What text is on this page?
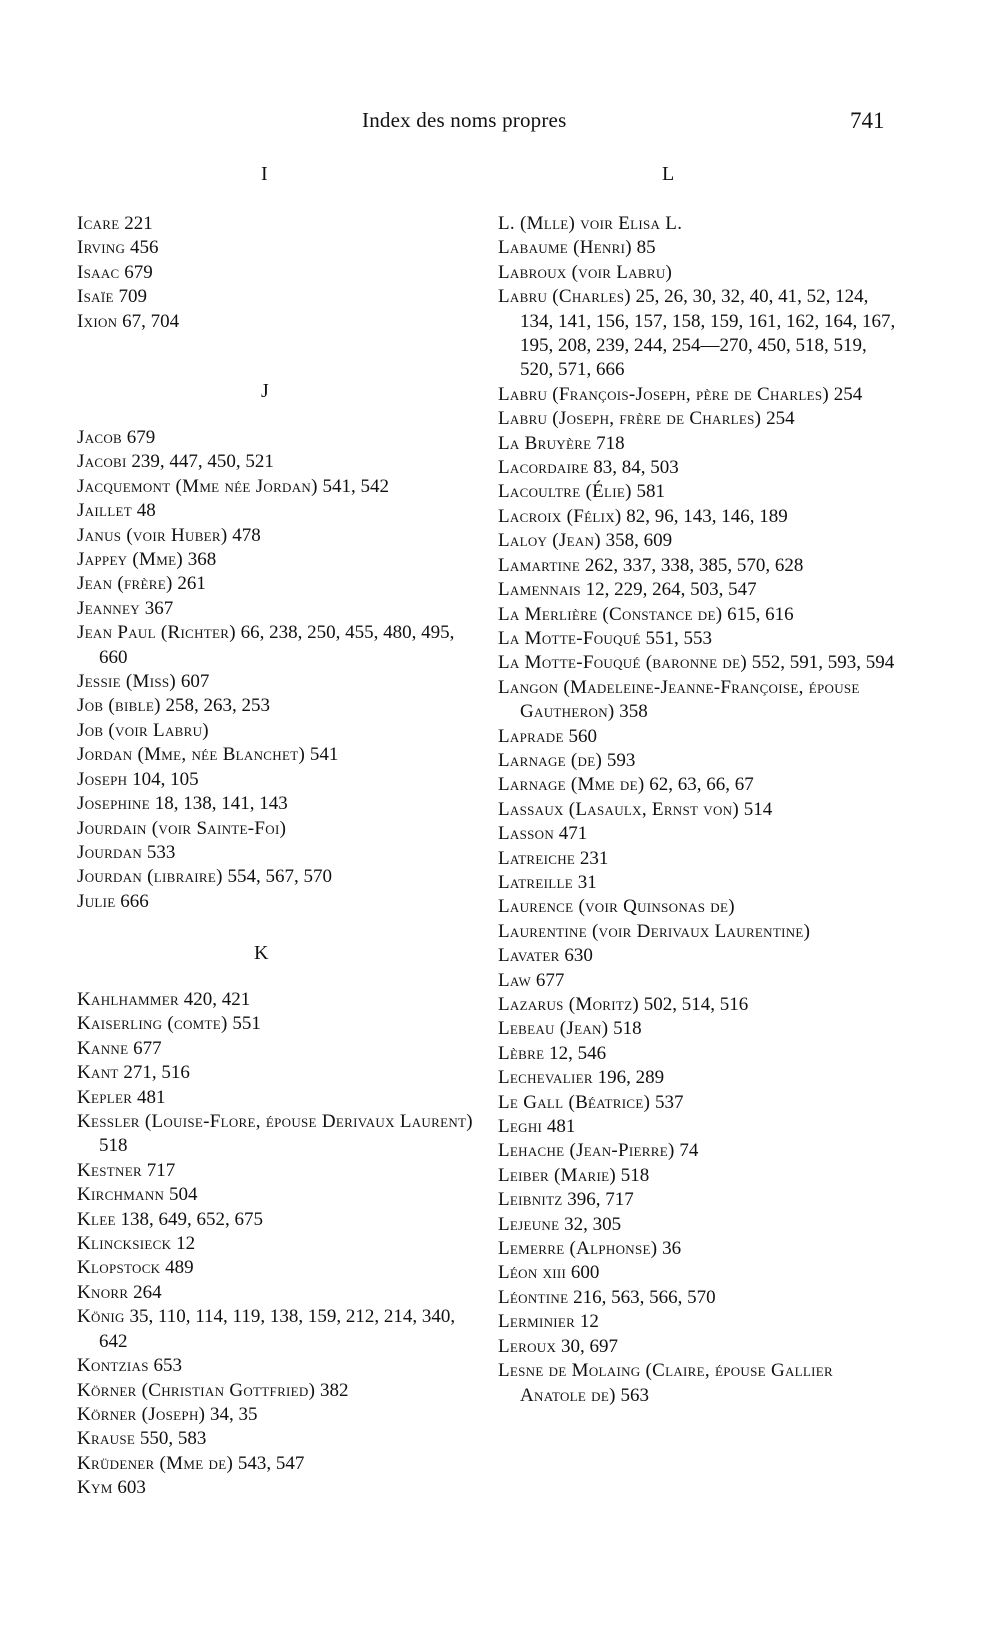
Index des noms propres	741
I
Icare 221
Irving 456
Isaac 679
Isaïe 709
Ixion 67, 704
J
Jacob 679
Jacobi 239, 447, 450, 521
Jacquemont (Mme née Jordan) 541, 542
Jaillet 48
Janus (voir Huber) 478
Jappey (Mme) 368
Jean (frère) 261
Jeanney 367
Jean Paul (Richter) 66, 238, 250, 455, 480, 495, 660
Jessie (Miss) 607
Job (bible) 258, 263, 253
Job (voir Labru)
Jordan (Mme, née Blanchet) 541
Joseph 104, 105
Josephine 18, 138, 141, 143
Jourdain (voir Sainte-Foi)
Jourdan 533
Jourdan (libraire) 554, 567, 570
Julie 666
K
Kahlhammer 420, 421
Kaiserling (comte) 551
Kanne 677
Kant 271, 516
Kepler 481
Kessler (Louise-Flore, épouse Derivaux Laurent) 518
Kestner 717
Kirchmann 504
Klee 138, 649, 652, 675
Klincksieck 12
Klopstock 489
Knorr 264
König 35, 110, 114, 119, 138, 159, 212, 214, 340, 642
Kontzias 653
Körner (Christian Gottfried) 382
Körner (Joseph) 34, 35
Krause 550, 583
Krüdener (Mme de) 543, 547
Kym 603
L
L. (Mlle) voir Elisa L.
Labaume (Henri) 85
Labroux (voir Labru)
Labru (Charles) 25, 26, 30, 32, 40, 41, 52, 124, 134, 141, 156, 157, 158, 159, 161, 162, 164, 167, 195, 208, 239, 244, 254—270, 450, 518, 519, 520, 571, 666
Labru (François-Joseph, père de Charles) 254
Labru (Joseph, frère de Charles) 254
La Bruyère 718
Lacordaire 83, 84, 503
Lacoultre (Élie) 581
Lacroix (Félix) 82, 96, 143, 146, 189
Laloy (Jean) 358, 609
Lamartine 262, 337, 338, 385, 570, 628
Lamennais 12, 229, 264, 503, 547
La Merlière (Constance de) 615, 616
La Motte-Fouqué 551, 553
La Motte-Fouqué (baronne de) 552, 591, 593, 594
Langon (Madeleine-Jeanne-Françoise, épouse Gautheron) 358
Laprade 560
Larnage (de) 593
Larnage (Mme de) 62, 63, 66, 67
Lassaux (Lasaulx, Ernst von) 514
Lasson 471
Latreiche 231
Latreille 31
Laurence (voir Quinsonas de)
Laurentine (voir Derivaux Laurentine)
Lavater 630
Law 677
Lazarus (Moritz) 502, 514, 516
Lebeau (Jean) 518
Lèbre 12, 546
Lechevalier 196, 289
Le Gall (Béatrice) 537
Leghi 481
Lehache (Jean-Pierre) 74
Leiber (Marie) 518
Leibnitz 396, 717
Lejeune 32, 305
Lemerre (Alphonse) 36
Léon xiii 600
Léontine 216, 563, 566, 570
Lerminier 12
Leroux 30, 697
Lesne de Molaing (Claire, épouse Gallier Anatole de) 563
